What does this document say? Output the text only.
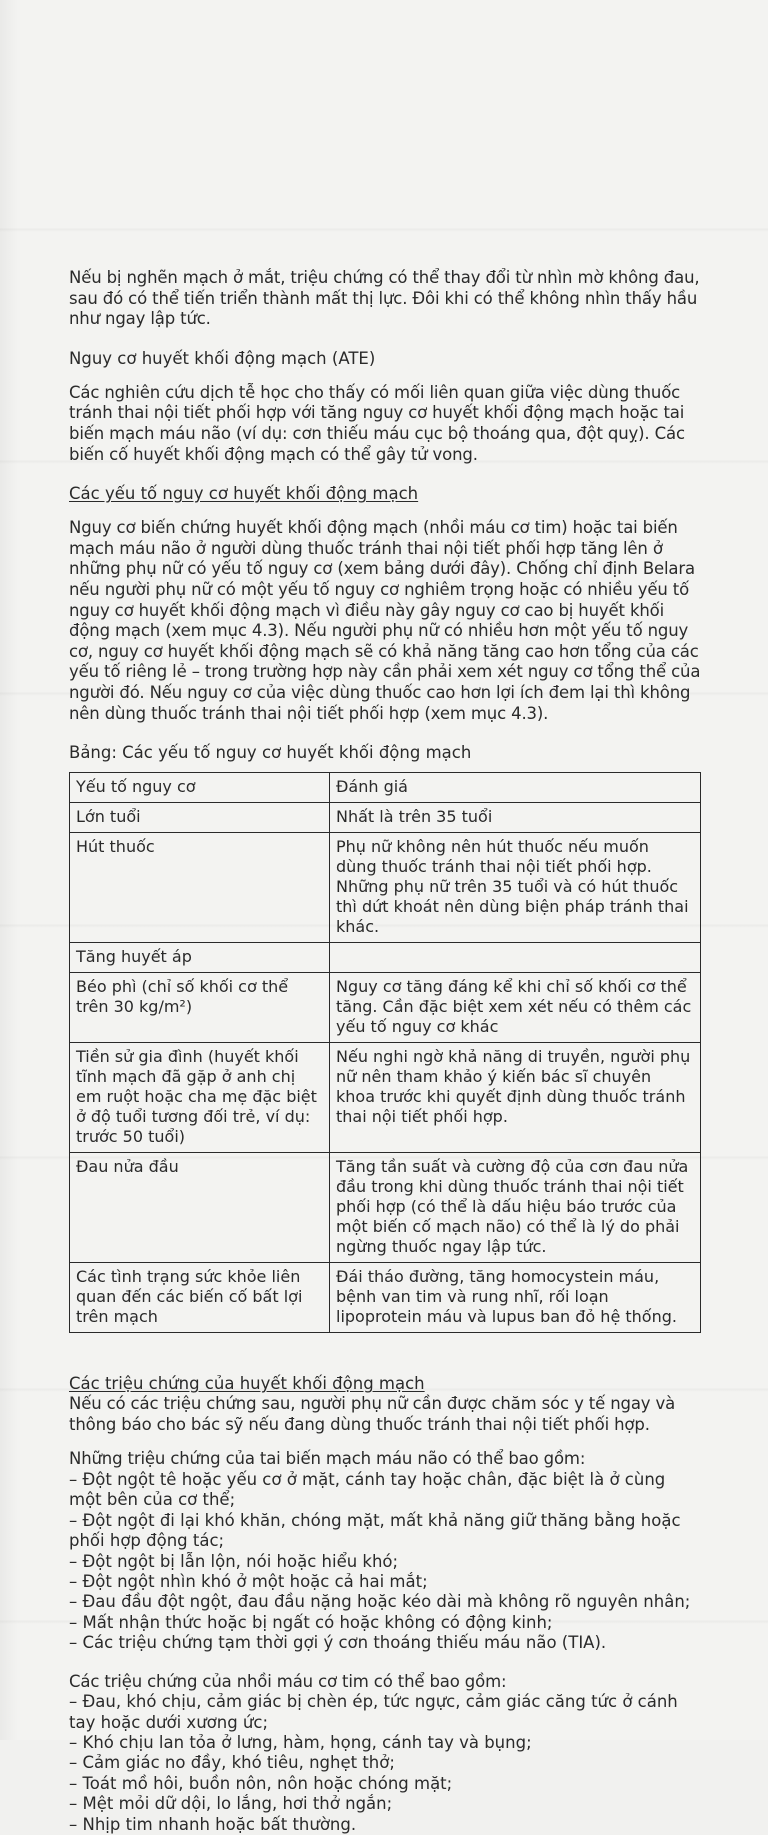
Nếu bị nghẽn mạch ở mắt, triệu chứng có thể thay đổi từ nhìn mờ không đau, sau đó có thể tiến triển thành mất thị lực. Đôi khi có thể không nhìn thấy hầu như ngay lập tức.

Nguy cơ huyết khối động mạch (ATE)

Các nghiên cứu dịch tễ học cho thấy có mối liên quan giữa việc dùng thuốc tránh thai nội tiết phối hợp với tăng nguy cơ huyết khối động mạch hoặc tai biến mạch máu não (ví dụ: cơn thiếu máu cục bộ thoáng qua, đột quỵ). Các biến cố huyết khối động mạch có thể gây tử vong.

Các yếu tố nguy cơ huyết khối động mạch

Nguy cơ biến chứng huyết khối động mạch (nhồi máu cơ tim) hoặc tai biến mạch máu não ở người dùng thuốc tránh thai nội tiết phối hợp tăng lên ở những phụ nữ có yếu tố nguy cơ (xem bảng dưới đây). Chống chỉ định Belara nếu người phụ nữ có một yếu tố nguy cơ nghiêm trọng hoặc có nhiều yếu tố nguy cơ huyết khối động mạch vì điều này gây nguy cơ cao bị huyết khối động mạch (xem mục 4.3). Nếu người phụ nữ có nhiều hơn một yếu tố nguy cơ, nguy cơ huyết khối động mạch sẽ có khả năng tăng cao hơn tổng của các yếu tố riêng lẻ – trong trường hợp này cần phải xem xét nguy cơ tổng thể của người đó. Nếu nguy cơ của việc dùng thuốc cao hơn lợi ích đem lại thì không nên dùng thuốc tránh thai nội tiết phối hợp (xem mục 4.3).

Bảng: Các yếu tố nguy cơ huyết khối động mạch
Yếu tố nguy cơ	Đánh giá
Lớn tuổi	Nhất là trên 35 tuổi
Hút thuốc	Phụ nữ không nên hút thuốc nếu muốn dùng thuốc tránh thai nội tiết phối hợp. Những phụ nữ trên 35 tuổi và có hút thuốc thì dứt khoát nên dùng biện pháp tránh thai khác.
Tăng huyết áp	
Béo phì (chỉ số khối cơ thể trên 30 kg/m²)	Nguy cơ tăng đáng kể khi chỉ số khối cơ thể tăng. Cần đặc biệt xem xét nếu có thêm các yếu tố nguy cơ khác
Tiền sử gia đình (huyết khối tĩnh mạch đã gặp ở anh chị em ruột hoặc cha mẹ đặc biệt ở độ tuổi tương đối trẻ, ví dụ: trước 50 tuổi)	Nếu nghi ngờ khả năng di truyền, người phụ nữ nên tham khảo ý kiến bác sĩ chuyên khoa trước khi quyết định dùng thuốc tránh thai nội tiết phối hợp.
Đau nửa đầu	Tăng tần suất và cường độ của cơn đau nửa đầu trong khi dùng thuốc tránh thai nội tiết phối hợp (có thể là dấu hiệu báo trước của một biến cố mạch não) có thể là lý do phải ngừng thuốc ngay lập tức.
Các tình trạng sức khỏe liên quan đến các biến cố bất lợi trên mạch	Đái tháo đường, tăng homocystein máu, bệnh van tim và rung nhĩ, rối loạn lipoprotein máu và lupus ban đỏ hệ thống.
Các triệu chứng của huyết khối động mạch

Nếu có các triệu chứng sau, người phụ nữ cần được chăm sóc y tế ngay và thông báo cho bác sỹ nếu đang dùng thuốc tránh thai nội tiết phối hợp.

Những triệu chứng của tai biến mạch máu não có thể bao gồm:

– Đột ngột tê hoặc yếu cơ ở mặt, cánh tay hoặc chân, đặc biệt là ở cùng một bên của cơ thể;
– Đột ngột đi lại khó khăn, chóng mặt, mất khả năng giữ thăng bằng hoặc phối hợp động tác;
– Đột ngột bị lẫn lộn, nói hoặc hiểu khó;
– Đột ngột nhìn khó ở một hoặc cả hai mắt;
– Đau đầu đột ngột, đau đầu nặng hoặc kéo dài mà không rõ nguyên nhân;
– Mất nhận thức hoặc bị ngất có hoặc không có động kinh;
– Các triệu chứng tạm thời gợi ý cơn thoáng thiếu máu não (TIA).

Các triệu chứng của nhồi máu cơ tim có thể bao gồm:

– Đau, khó chịu, cảm giác bị chèn ép, tức ngực, cảm giác căng tức ở cánh tay hoặc dưới xương ức;
– Khó chịu lan tỏa ở lưng, hàm, họng, cánh tay và bụng;
– Cảm giác no đầy, khó tiêu, nghẹt thở;
– Toát mồ hôi, buồn nôn, nôn hoặc chóng mặt;
– Mệt mỏi dữ dội, lo lắng, hơi thở ngắn;
– Nhịp tim nhanh hoặc bất thường.
